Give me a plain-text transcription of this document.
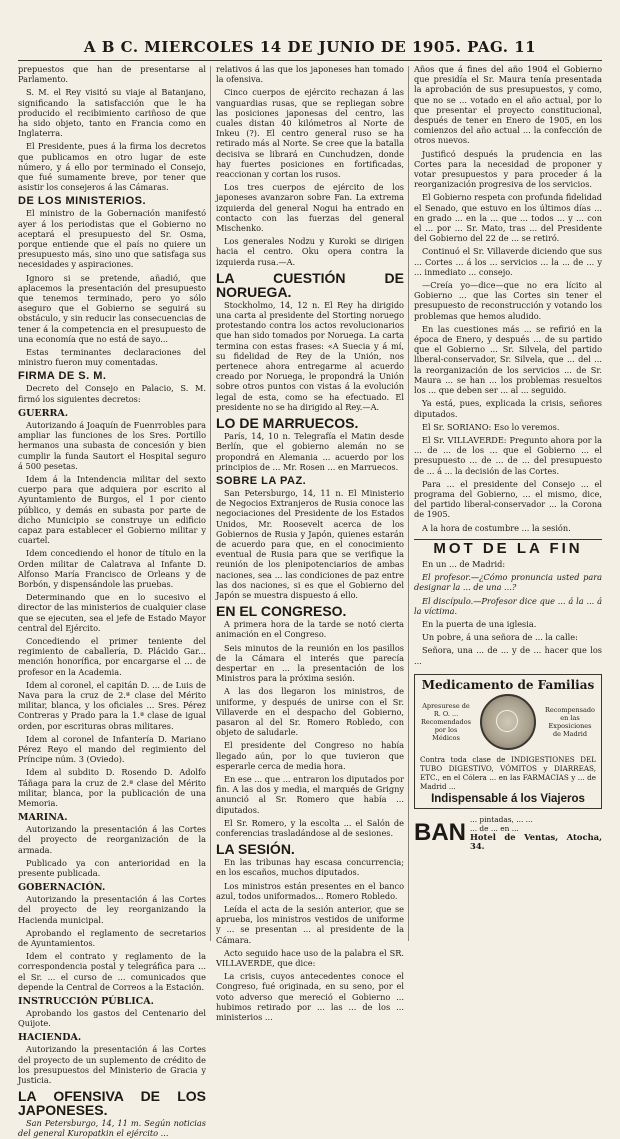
A B C. MIERCOLES 14 DE JUNIO DE 1905. PAG. 11

prepuestos que han de presentarse al Parlamento.

S. M. el Rey visitó su viaje al Batanjano, significando la satisfacción que le ha producido el recibimiento cariñoso de que ha sido objeto, tanto en Francia como en Inglaterra.

El Presidente, pues á la firma los decretos que publicamos en otro lugar de este número, y á ello por terminado el Consejo, que fué sumamente breve, por tener que asistir los consejeros á las Cámaras.

DE LOS MINISTERIOS.

El ministro de la Gobernación manifestó ayer á los periodistas que el Gobierno no aceptará el presupuesto del Sr. Osma, porque entiende que el país no quiere un presupuesto más, sino uno que satisfaga sus necesidades y aspiraciones.

Ignoro si se pretende, añadió, que aplacemos la presentación del presupuesto que tenemos terminado, pero yo sólo aseguro que el Gobierno se seguirá su obstáculo, y sin reducir las consecuencias de tener á la competencia en el presupuesto de una economía que no está de sayo...

Estas terminantes declaraciones del ministro fueron muy comentadas.

FIRMA DE S. M.

Decreto del Consejo en Palacio, S. M. firmó los siguientes decretos:

GUERRA.

Autorizando á Joaquín de Fuenrrobles para ampliar las funciones de los Sres. Portillo hermanos una subasta de concesión y bien cumplir la funda Sautort el Hospital seguro á 500 pesetas.

Idem á la Intendencia militar del sexto cuerpo para que adquiera por escrito al Ayuntamiento de Burgos, el 1 por ciento público, y demás en subasta por parte de dicho Municipio se construye un edificio capaz para establecer el Gobierno militar y cuartel.

Idem concediendo el honor de título en la Orden militar de Calatrava al Infante D. Alfonso María Francisco de Orleans y de Borbón, y dispensándole las pruebas.

Determinando que en lo sucesivo el director de las ministerios de cualquier clase que se ejecuten, sea el jefe de Estado Mayor central del Ejército.

Concediendo el primer teniente del regimiento de caballería, D. Plácido Gar... mención honorífica, por encargarse el ... de profesor en la Academia.

Idem al coronel, el capitán D. ... de Luis de Nava para la cruz de 2.ª clase del Mérito militar, blanca, y los oficiales ... Sres. Pérez Contreras y Prado para la 1.ª clase de igual orden, por escrituras obras militares.

Idem al coronel de Infantería D. Mariano Pérez Reyo el mando del regimiento del Príncipe núm. 3 (Oviedo).

Idem al subdito D. Rosendo D. Adolfo Táñaga para la cruz de 2.ª clase del Mérito militar, blanca, por la publicación de una Memoria.

MARINA.

Autorizando la presentación á las Cortes del proyecto de reorganización de la armada.

Publicado ya con anterioridad en la presente publicada.

GOBERNACIÓN.

Autorizando la presentación á las Cortes del proyecto de ley reorganizando la Hacienda municipal.

Aprobando el reglamento de secretarios de Ayuntamientos.

Idem el contrato y reglamento de la correspondencia postal y telegráfica para ... el Sr. ... el curso de ... comunicados que depende la Central de Correos a la Estación.

INSTRUCCIÓN PÚBLICA.

Aprobando los gastos del Centenario del Quijote.

HACIENDA.

Autorizando la presentación á las Cortes del proyecto de un suplemento de crédito de los presupuestos del Ministerio de Gracia y Justicia.

LA OFENSIVA DE LOS JAPONESES.

San Petersburgo, 14, 11 m. Según noticias del general Kuropatkin el ejército ...

relativos á las que los japoneses han tomado la ofensiva.

Cinco cuerpos de ejército rechazan á las vanguardias rusas, que se repliegan sobre las posiciones japonesas del centro, las cuales distan 40 kilómetros al Norte de Inkeu (?). El centro general ruso se ha retirado más al Norte. Se cree que la batalla decisiva se librará en Cunchudzen, donde hay fuertes posiciones en fortificadas, reaccionan y cortan los rusos.

Los tres cuerpos de ejército de los japoneses avanzaron sobre Fan. La extrema izquierda del general Nogui ha entrado en contacto con las fuerzas del general Mischenko.

Los generales Nodzu y Kuroki se dirigen hacia el centro. Oku opera contra la izquierda rusa.—A.

LA CUESTIÓN DE NORUEGA.

Stockholmo, 14, 12 n. El Rey ha dirigido una carta al presidente del Storting noruego protestando contra los actos revolucionarios que han sido tomados por Noruega. La carta termina con estas frases: «A Suecia y á mí, su fidelidad de Rey de la Unión, nos pertenece ahora entregarme al acuerdo creado por Noruega, le propondrá la Unión sobre otros puntos con vistas á la evolución legal de esta, como se ha efectuado. El presidente no se ha dirigido al Rey.—A.

LO DE MARRUECOS.

París, 14, 10 n. Telegrafía el Matin desde Berlín, que el gobierno alemán no se propondrá en Alemania ... acuerdo por los principios de ... Mr. Rosen ... en Marruecos.

SOBRE LA PAZ.

San Petersburgo, 14, 11 n. El Ministerio de Negocios Extranjeros de Rusia conoce las negociaciones del Presidente de los Estados Unidos, Mr. Roosevelt acerca de los Gobiernos de Rusia y Japón, quienes estarán de acuerdo para que, en el conocimiento eventual de Rusia para que se verifique la reunión de los plenipotenciarios de ambas naciones, sea ... las condiciones de paz entre las dos naciones, si es que el Gobierno del Japón se muestra dispuesto á ello.

EN EL CONGRESO.

A primera hora de la tarde se notó cierta animación en el Congreso.

Seis minutos de la reunión en los pasillos de la Cámara el interés que parecía despertar en ... la presentación de los Ministros para la próxima sesión.

A las dos llegaron los ministros, de uniforme, y después de unirse con el Sr. Villaverde en el despacho del Gobierno, pasaron al del Sr. Romero Robledo, con objeto de saludarle.

El presidente del Congreso no había llegado aún, por lo que tuvieron que esperarle cerca de media hora.

En ese ... que ... entraron los diputados por fin. A las dos y media, el marqués de Grigny anunció al Sr. Romero que había ... diputados.

El Sr. Romero, y la escolta ... el Salón de conferencias trasladándose al de sesiones.

LA SESIÓN.

En las tribunas hay escasa concurrencia; en los escaños, muchos diputados.

Los ministros están presentes en el banco azul, todos uniformados... Romero Robledo.

Leída el acta de la sesión anterior, que se aprueba, los ministros vestidos de uniforme y ... se presentan ... al presidente de la Cámara.

Acto seguido hace uso de la palabra el SR. VILLAVERDE, que dice:

La crisis, cuyos antecedentes conoce el Congreso, fué originada, en su seno, por el voto adverso que mereció el Gobierno ... hubimos retirado por ... las ... de los ... ministerios ...

Años que á fines del año 1904 el Gobierno que presidía el Sr. Maura tenía presentada la aprobación de sus presupuestos, y como, que no se ... votado en el año actual, por lo que presentar el proyecto constitucional, después de tener en Enero de 1905, en los comienzos del año actual ... la confección de otros nuevos.

Justificó después la prudencia en las Cortes para la necesidad de proponer y votar presupuestos y para proceder á la reorganización progresiva de los servicios.

El Gobierno respeta con profunda fidelidad el Senado, que estuvo en los últimos días ... en grado ... en la ... que ... todos ... y ... con el ... por ... Sr. Mato, tras ... del Presidente del Gobierno del 22 de ... se retiró.

Continuó el Sr. Villaverde diciendo que sus ... Cortes ... á los ... servicios ... la ... de ... y ... inmediato ... consejo.

—Creía yo—dice—que no era lícito al Gobierno ... que las Cortes sin tener el presupuesto de reconstrucción y votando los problemas que hemos aludido.

En las cuestiones más ... se refirió en la época de Enero, y después ... de su partido que el Gobierno ... Sr. Silvela, del partido liberal-conservador, Sr. Silvela, que ... del ... la reorganización de los servicios ... de Sr. Maura ... se han ... los problemas resueltos los ... que deben ser ... al ... seguido.

Ya está, pues, explicada la crisis, señores diputados.

El Sr. SORIANO: Eso lo veremos.

El Sr. VILLAVERDE: Pregunto ahora por la ... de ... de los ... que el Gobierno ... el presupuesto ... de ... de ... del presupuesto de ... á ... la decisión de las Cortes.

Para ... el presidente del Consejo ... el programa del Gobierno, ... el mismo, dice, del partido liberal-conservador ... la Corona de 1905.

A la hora de costumbre ... la sesión.

MOT DE LA FIN

En un ... de Madrid:

El profesor.—¿Cómo pronuncia usted para designar la ... de una ...?

El discípulo.—Profesor dice que ... á la ... á la víctima.

En la puerta de una iglesia.

Un pobre, á una señora de ... la calle:

Señora, una ... de ... y de ... hacer que los ...

Medicamento de Familias
Apresurese de R. O. ... Recomendados por los Médicos
Recompensado en las Exposiciones de Madrid
Contra toda clase de INDIGESTIONES DEL TUBO DIGESTIVO, VÓMITOS y DIARREAS, ETC., en el Cólera ... en las FARMACIAS y ... de Madrid ...
Indispensable á los Viajeros
BAN ... pintadas, ... ...
... de ... en ...
Hotel de Ventas, Atocha, 34.
